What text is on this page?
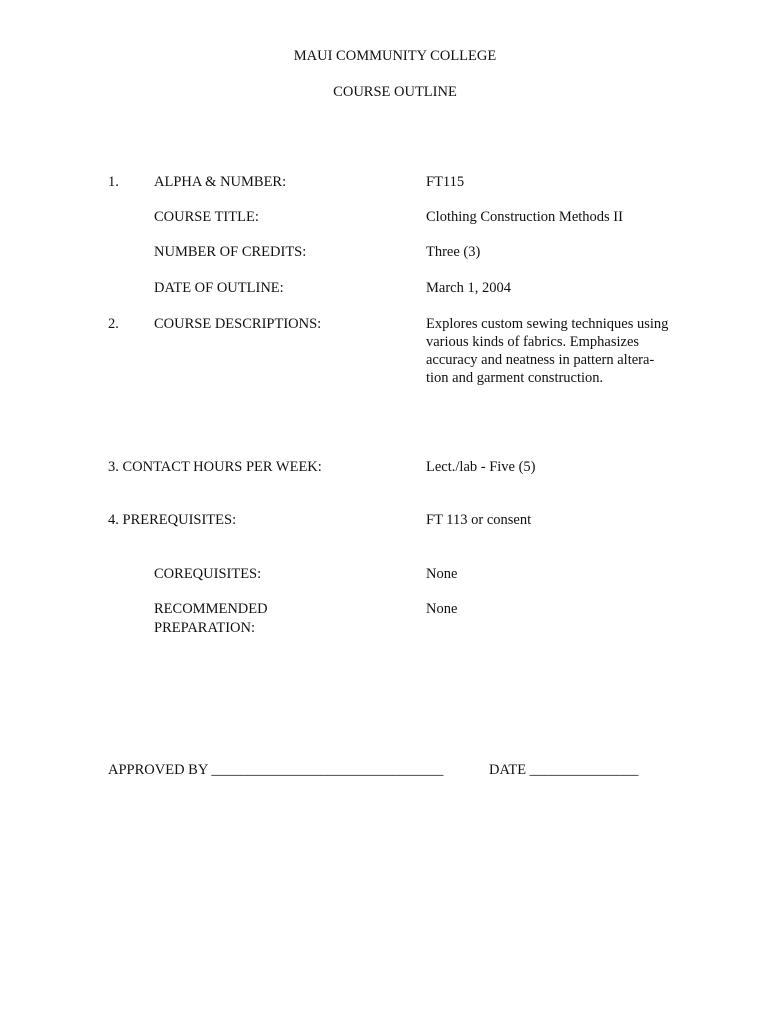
MAUI COMMUNITY COLLEGE
COURSE OUTLINE
1. ALPHA & NUMBER:	FT115
COURSE TITLE:	Clothing Construction Methods II
NUMBER OF CREDITS:	Three (3)
DATE OF OUTLINE:	March 1, 2004
2. COURSE DESCRIPTIONS:	Explores custom sewing techniques using
various kinds of fabrics. Emphasizes
accuracy and neatness in pattern altera-
tion and garment construction.
3. CONTACT HOURS PER WEEK:	Lect./lab - Five (5)
4. PREREQUISITES:	FT 113 or consent
COREQUISITES:	None
RECOMMENDED
PREPARATION:
None
APPROVED BY ________________________________	DATE _______________
